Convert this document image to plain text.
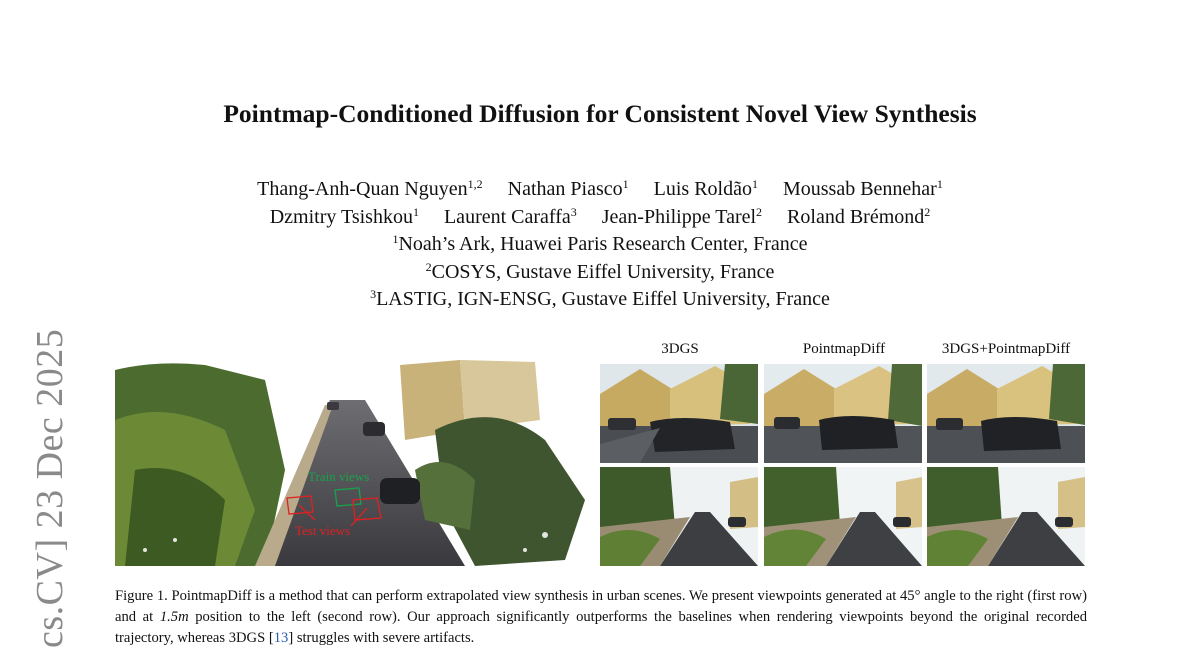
cs.CV] 23 Dec 2025
Pointmap-Conditioned Diffusion for Consistent Novel View Synthesis
Thang-Anh-Quan Nguyen$^{1,2}$ Nathan Piasco$^1$ Luis Roldão$^1$ Moussab Bennehar$^1$
Dzmitry Tsishkou$^1$ Laurent Caraffa$^3$ Jean-Philippe Tarel$^2$ Roland Brémond$^2$
$^1$Noah’s Ark, Huawei Paris Research Center, France
$^2$COSYS, Gustave Eiffel University, France
$^3$LASTIG, IGN-ENSG, Gustave Eiffel University, France
Train views
Test views
3DGS	PointmapDiff	3DGS+PointmapDiff
Figure 1. PointmapDiff is a method that can perform extrapolated view synthesis in urban scenes. We present viewpoints generated at 45° angle to the right (first row) and at 1.5m position to the left (second row). Our approach significantly outperforms the baselines when rendering viewpoints beyond the original recorded trajectory, whereas 3DGS [13] struggles with severe artifacts.
